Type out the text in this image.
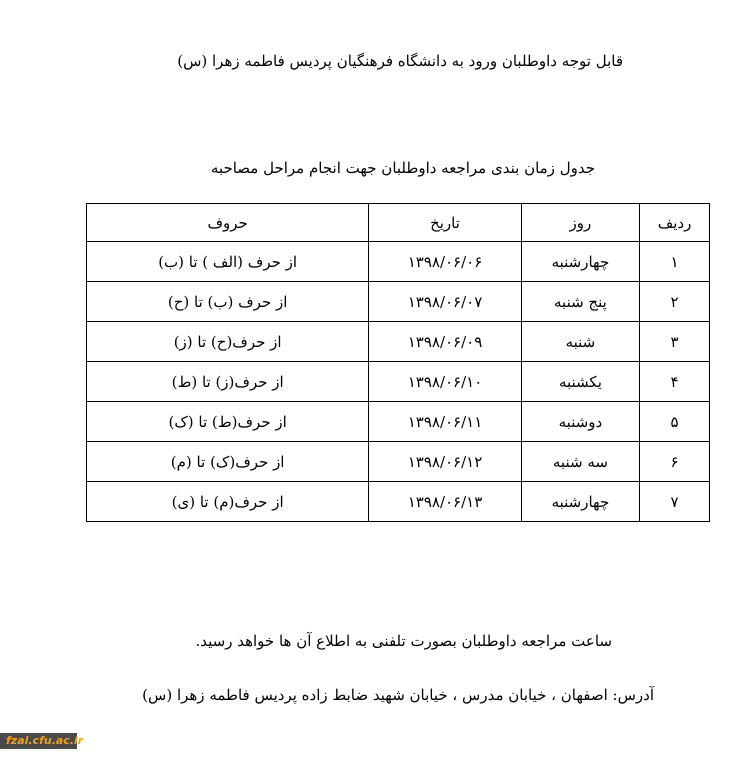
قابل توجه داوطلبان ورود به دانشگاه فرهنگیان پردیس فاطمه زهرا (س)
جدول زمان بندی مراجعه داوطلبان جهت انجام مراحل مصاحبه
ردیف	روز	تاریخ	حروف
۱	چهارشنبه	۱۳۹۸/۰۶/۰۶	از حرف (الف ) تا (ب)
۲	پنج شنبه	۱۳۹۸/۰۶/۰۷	از حرف (ب) تا (ح)
۳	شنبه	۱۳۹۸/۰۶/۰۹	از حرف(ح) تا (ز)
۴	یکشنبه	۱۳۹۸/۰۶/۱۰	از حرف(ز) تا (ط)
۵	دوشنبه	۱۳۹۸/۰۶/۱۱	از حرف(ط) تا (ک)
۶	سه شنبه	۱۳۹۸/۰۶/۱۲	از حرف(ک) تا (م)
۷	چهارشنبه	۱۳۹۸/۰۶/۱۳	از حرف(م) تا (ی)
ساعت مراجعه داوطلبان بصورت تلفنی به اطلاع آن ها خواهد رسید.
آدرس: اصفهان ، خیابان مدرس ، خیابان شهید ضابط زاده پردیس فاطمه زهرا (س)
fzal.cfu.ac.ir
